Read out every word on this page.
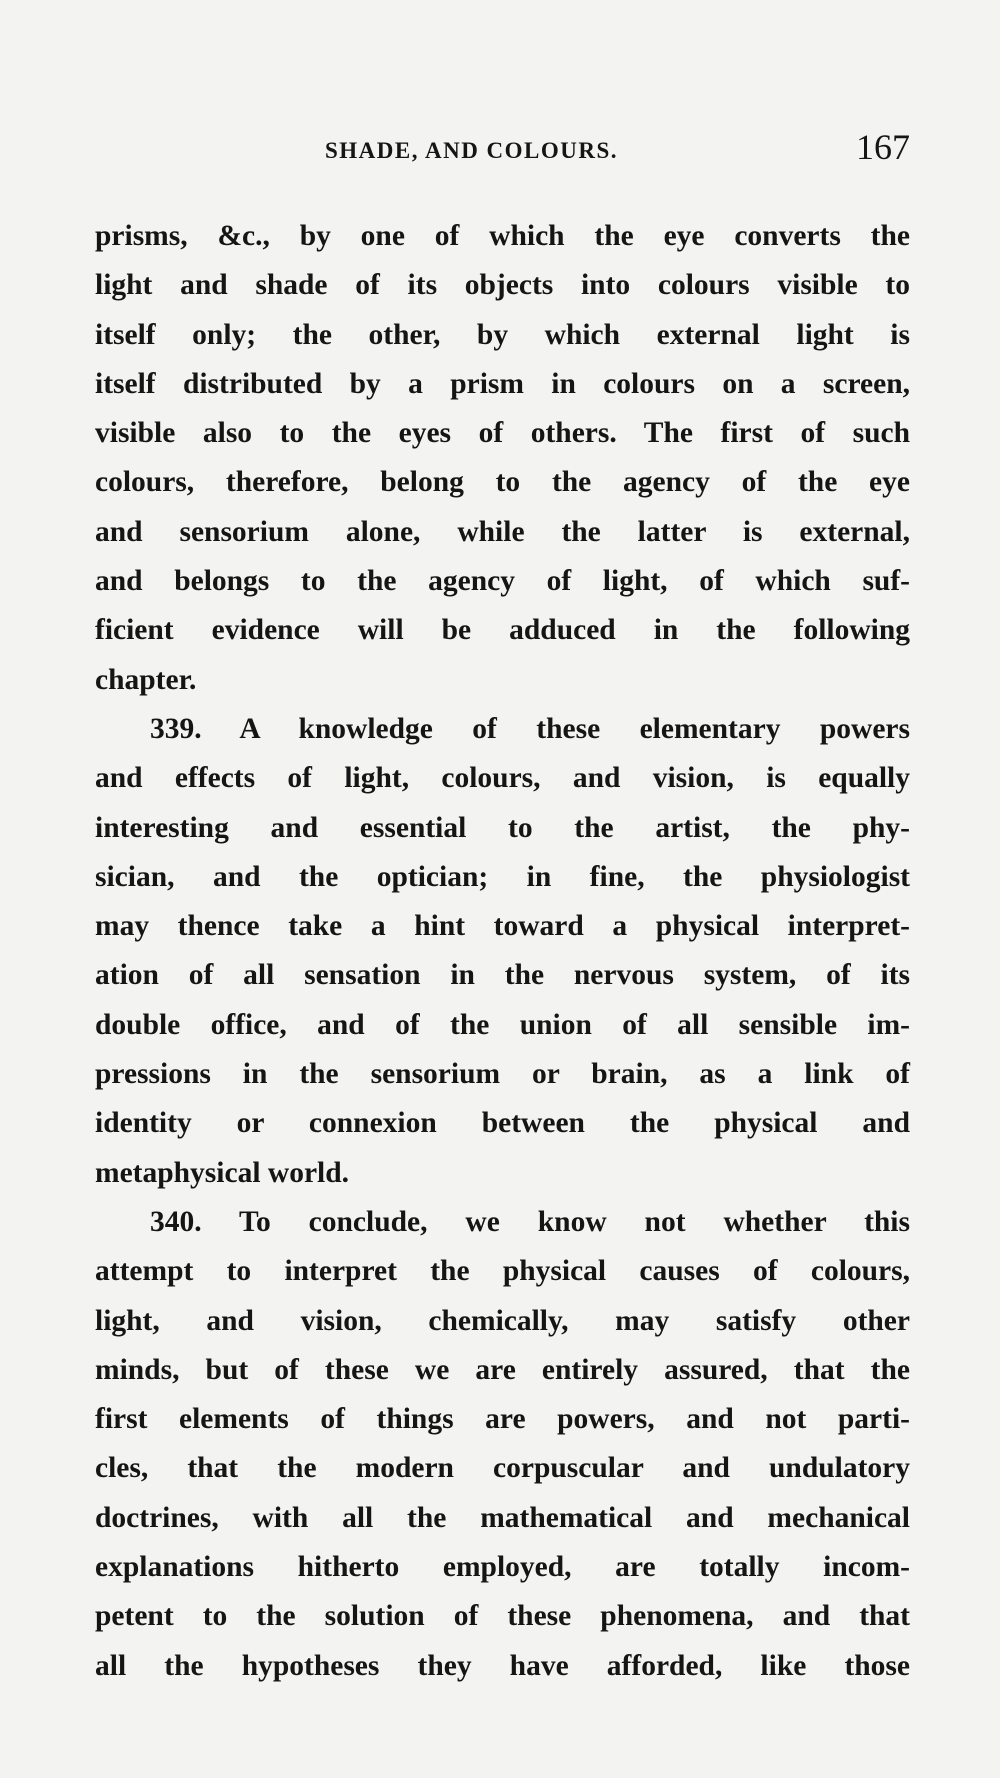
SHADE, AND COLOURS.	167
prisms, &c., by one of which the eye converts the
light and shade of its objects into colours visible to
itself only; the other, by which external light is
itself distributed by a prism in colours on a screen,
visible also to the eyes of others. The first of such
colours, therefore, belong to the agency of the eye
and sensorium alone, while the latter is external,
and belongs to the agency of light, of which suf-
ficient evidence will be adduced in the following
chapter.
339. A knowledge of these elementary powers
and effects of light, colours, and vision, is equally
interesting and essential to the artist, the phy-
sician, and the optician; in fine, the physiologist
may thence take a hint toward a physical interpret-
ation of all sensation in the nervous system, of its
double office, and of the union of all sensible im-
pressions in the sensorium or brain, as a link of
identity or connexion between the physical and
metaphysical world.
340. To conclude, we know not whether this
attempt to interpret the physical causes of colours,
light, and vision, chemically, may satisfy other
minds, but of these we are entirely assured, that the
first elements of things are powers, and not parti-
cles, that the modern corpuscular and undulatory
doctrines, with all the mathematical and mechanical
explanations hitherto employed, are totally incom-
petent to the solution of these phenomena, and that
all the hypotheses they have afforded, like those
